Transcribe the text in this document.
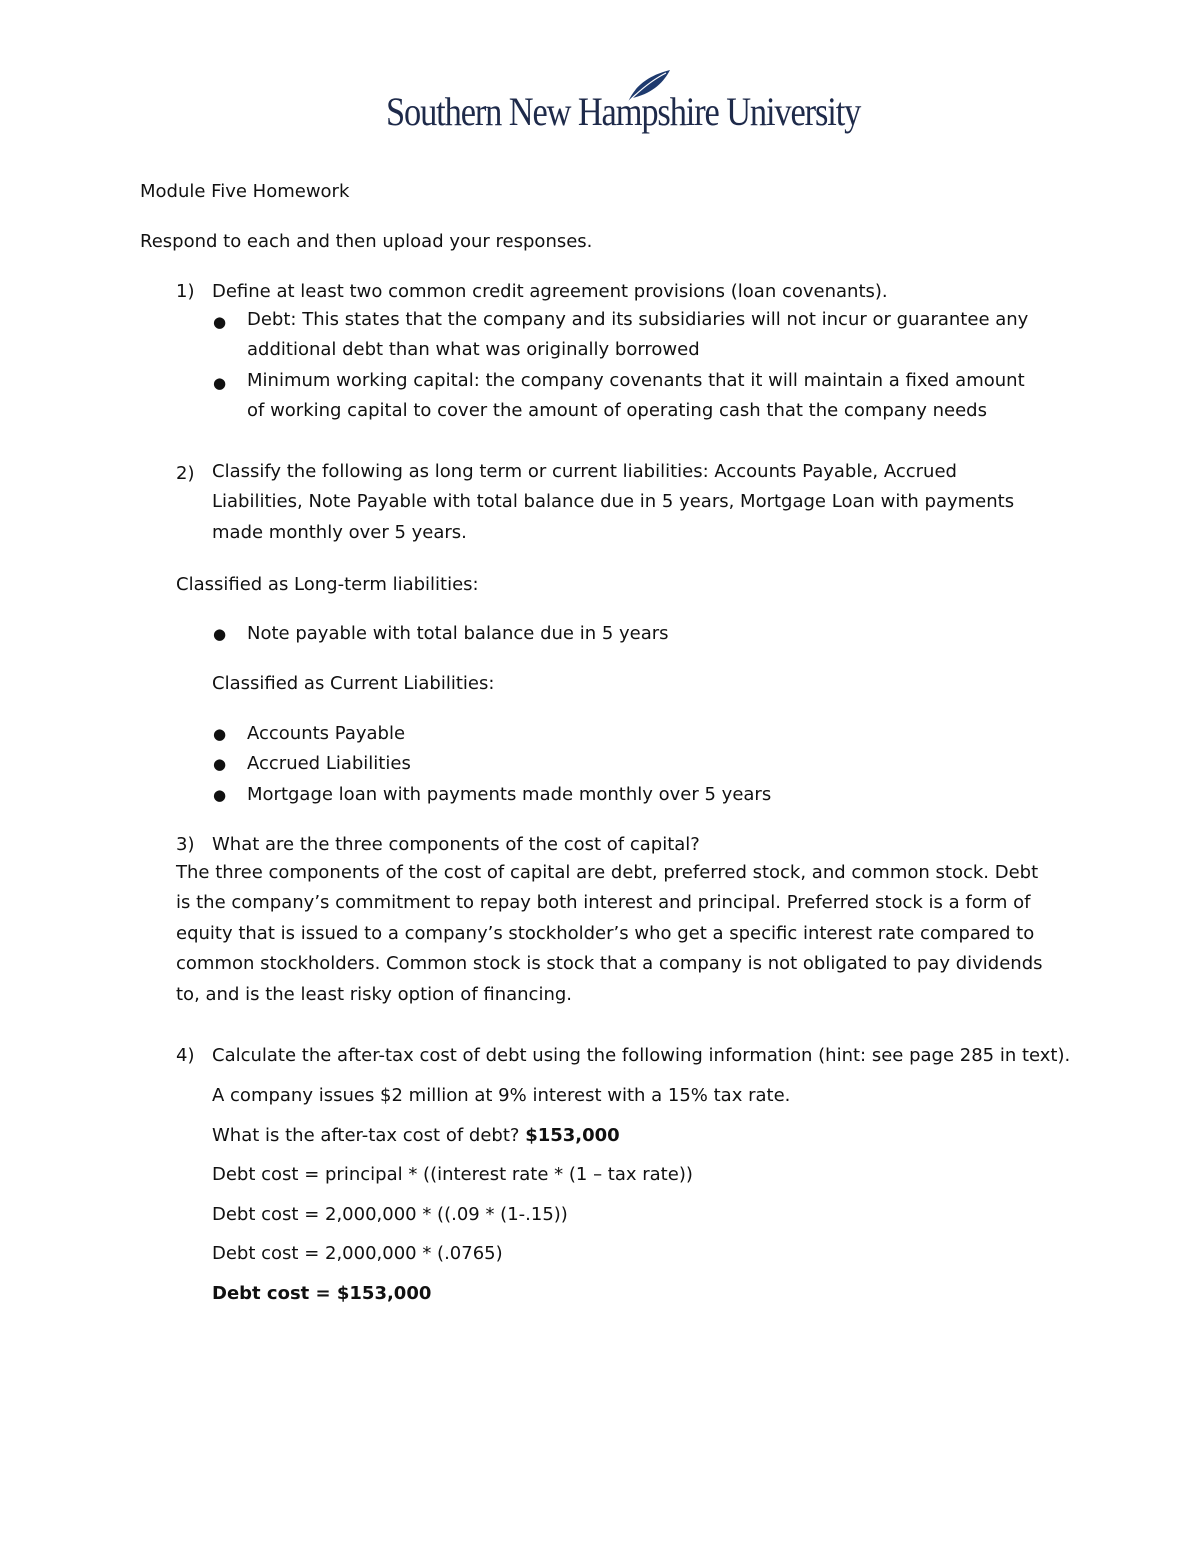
Southern New Hampshire University
Module Five Homework
Respond to each and then upload your responses.
1) Define at least two common credit agreement provisions (loan covenants).
● Debt: This states that the company and its subsidiaries will not incur or guarantee any additional debt than what was originally borrowed
● Minimum working capital: the company covenants that it will maintain a fixed amount of working capital to cover the amount of operating cash that the company needs
2) Classify the following as long term or current liabilities: Accounts Payable, Accrued Liabilities, Note Payable with total balance due in 5 years, Mortgage Loan with payments made monthly over 5 years.
Classified as Long-term liabilities:
● Note payable with total balance due in 5 years
Classified as Current Liabilities:
● Accounts Payable
● Accrued Liabilities
● Mortgage loan with payments made monthly over 5 years
3) What are the three components of the cost of capital?
The three components of the cost of capital are debt, preferred stock, and common stock. Debt is the company’s commitment to repay both interest and principal. Preferred stock is a form of equity that is issued to a company’s stockholder’s who get a specific interest rate compared to common stockholders. Common stock is stock that a company is not obligated to pay dividends to, and is the least risky option of financing.
4) Calculate the after-tax cost of debt using the following information (hint: see page 285 in text).
A company issues $2 million at 9% interest with a 15% tax rate.
What is the after-tax cost of debt? $153,000
Debt cost = principal * ((interest rate * (1 – tax rate))
Debt cost = 2,000,000 * ((.09 * (1-.15))
Debt cost = 2,000,000 * (.0765)
Debt cost = $153,000
